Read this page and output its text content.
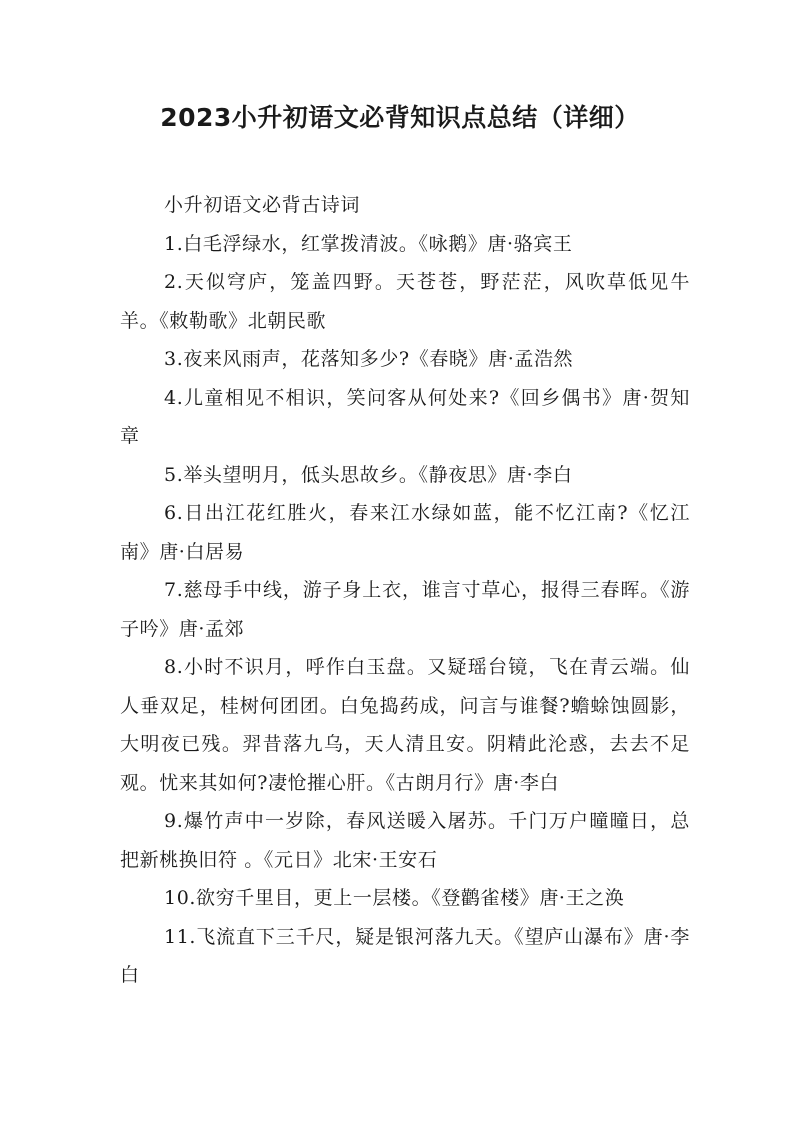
2023小升初语文必背知识点总结（详细）

小升初语文必背古诗词

1.白毛浮绿水，红掌拨清波。《咏鹅》唐·骆宾王

2.天似穹庐，笼盖四野。天苍苍，野茫茫，风吹草低见牛羊。《敕勒歌》北朝民歌

3.夜来风雨声，花落知多少?《春晓》唐·孟浩然

4.儿童相见不相识，笑问客从何处来?《回乡偶书》唐·贺知章

5.举头望明月，低头思故乡。《静夜思》唐·李白

6.日出江花红胜火，春来江水绿如蓝，能不忆江南?《忆江南》唐·白居易

7.慈母手中线，游子身上衣，谁言寸草心，报得三春晖。《游子吟》唐·孟郊

8.小时不识月，呼作白玉盘。又疑瑶台镜，飞在青云端。仙人垂双足，桂树何团团。白兔捣药成，问言与谁餐?蟾蜍蚀圆影，大明夜已残。羿昔落九乌，天人清且安。阴精此沦惑，去去不足观。忧来其如何?凄怆摧心肝。《古朗月行》唐·李白

9.爆竹声中一岁除，春风送暖入屠苏。千门万户曈曈日，总把新桃换旧符 。《元日》北宋·王安石

10.欲穷千里目，更上一层楼。《登鹳雀楼》唐·王之涣

11.飞流直下三千尺，疑是银河落九天。《望庐山瀑布》唐·李白
